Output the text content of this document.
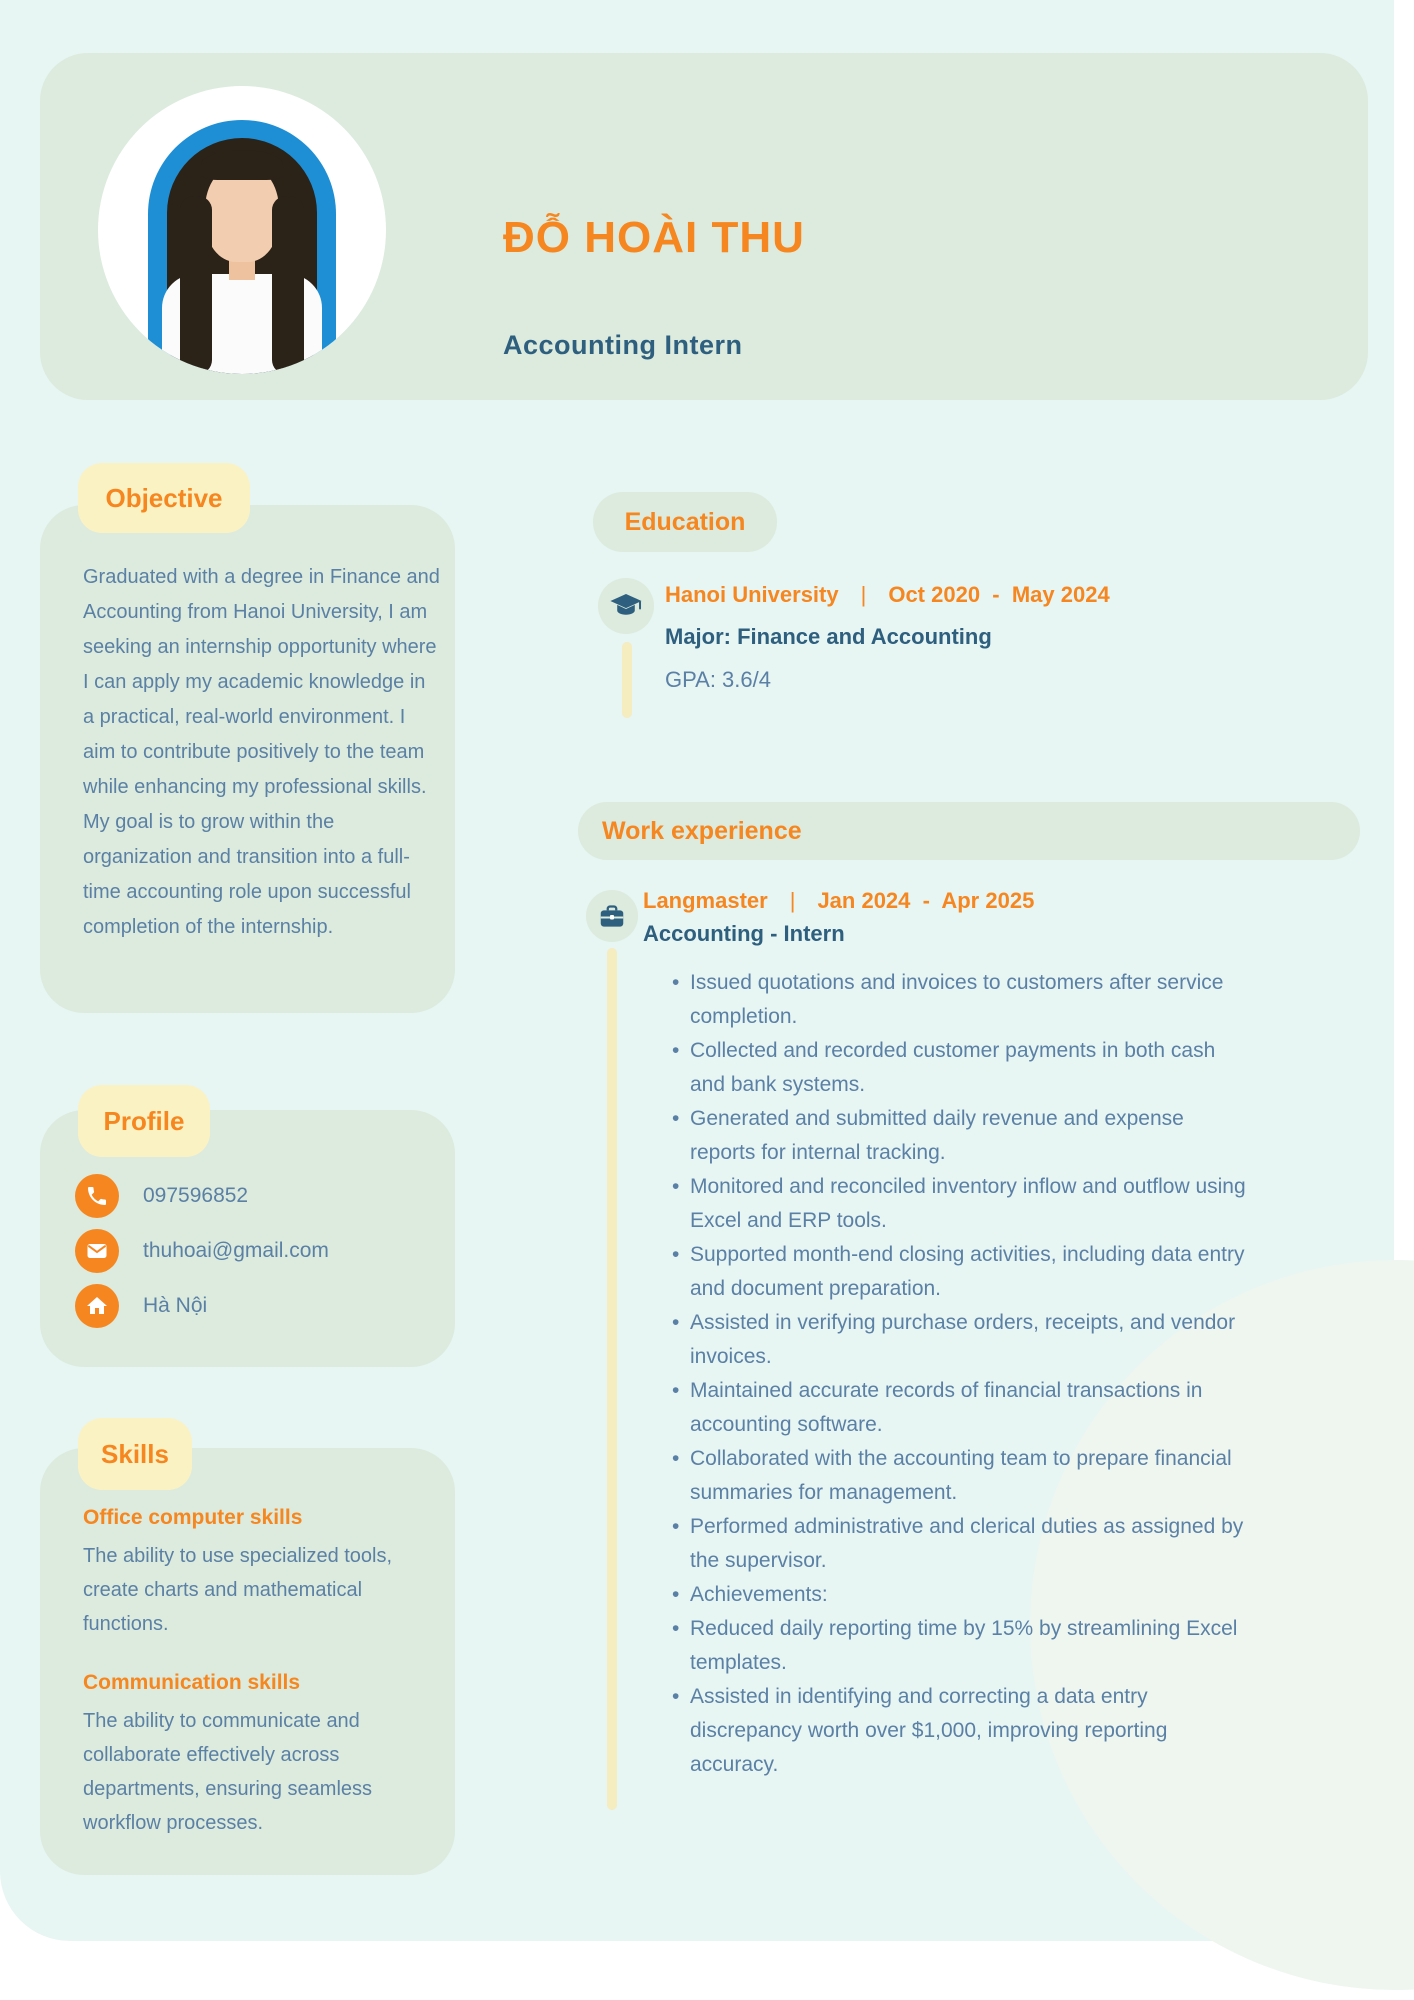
ĐỖ HOÀI THU
Accounting Intern
Graduated with a degree in Finance and Accounting from Hanoi University, I am seeking an internship opportunity where I can apply my academic knowledge in a practical, real-world environment. I aim to contribute positively to the team while enhancing my professional skills. My goal is to grow within the organization and transition into a full-time accounting role upon successful completion of the internship.
Objective
097596852
thuhoai@gmail.com
Hà Nội
Profile
Office computer skills
The ability to use specialized tools, create charts and mathematical functions.
Communication skills
The ability to communicate and collaborate effectively across departments, ensuring seamless workflow processes.
Skills
Education
Hanoi University | Oct 2020  -  May 2024
Major: Finance and Accounting
GPA: 3.6/4
Work experience
Langmaster | Jan 2024  -  Apr 2025
Accounting - Intern
• Issued quotations and invoices to customers after service completion.
• Collected and recorded customer payments in both cash and bank systems.
• Generated and submitted daily revenue and expense reports for internal tracking.
• Monitored and reconciled inventory inflow and outflow using Excel and ERP tools.
• Supported month-end closing activities, including data entry and document preparation.
• Assisted in verifying purchase orders, receipts, and vendor invoices.
• Maintained accurate records of financial transactions in accounting software.
• Collaborated with the accounting team to prepare financial summaries for management.
• Performed administrative and clerical duties as assigned by the supervisor.
• Achievements:
• Reduced daily reporting time by 15% by streamlining Excel templates.
• Assisted in identifying and correcting a data entry discrepancy worth over $1,000, improving reporting accuracy.
